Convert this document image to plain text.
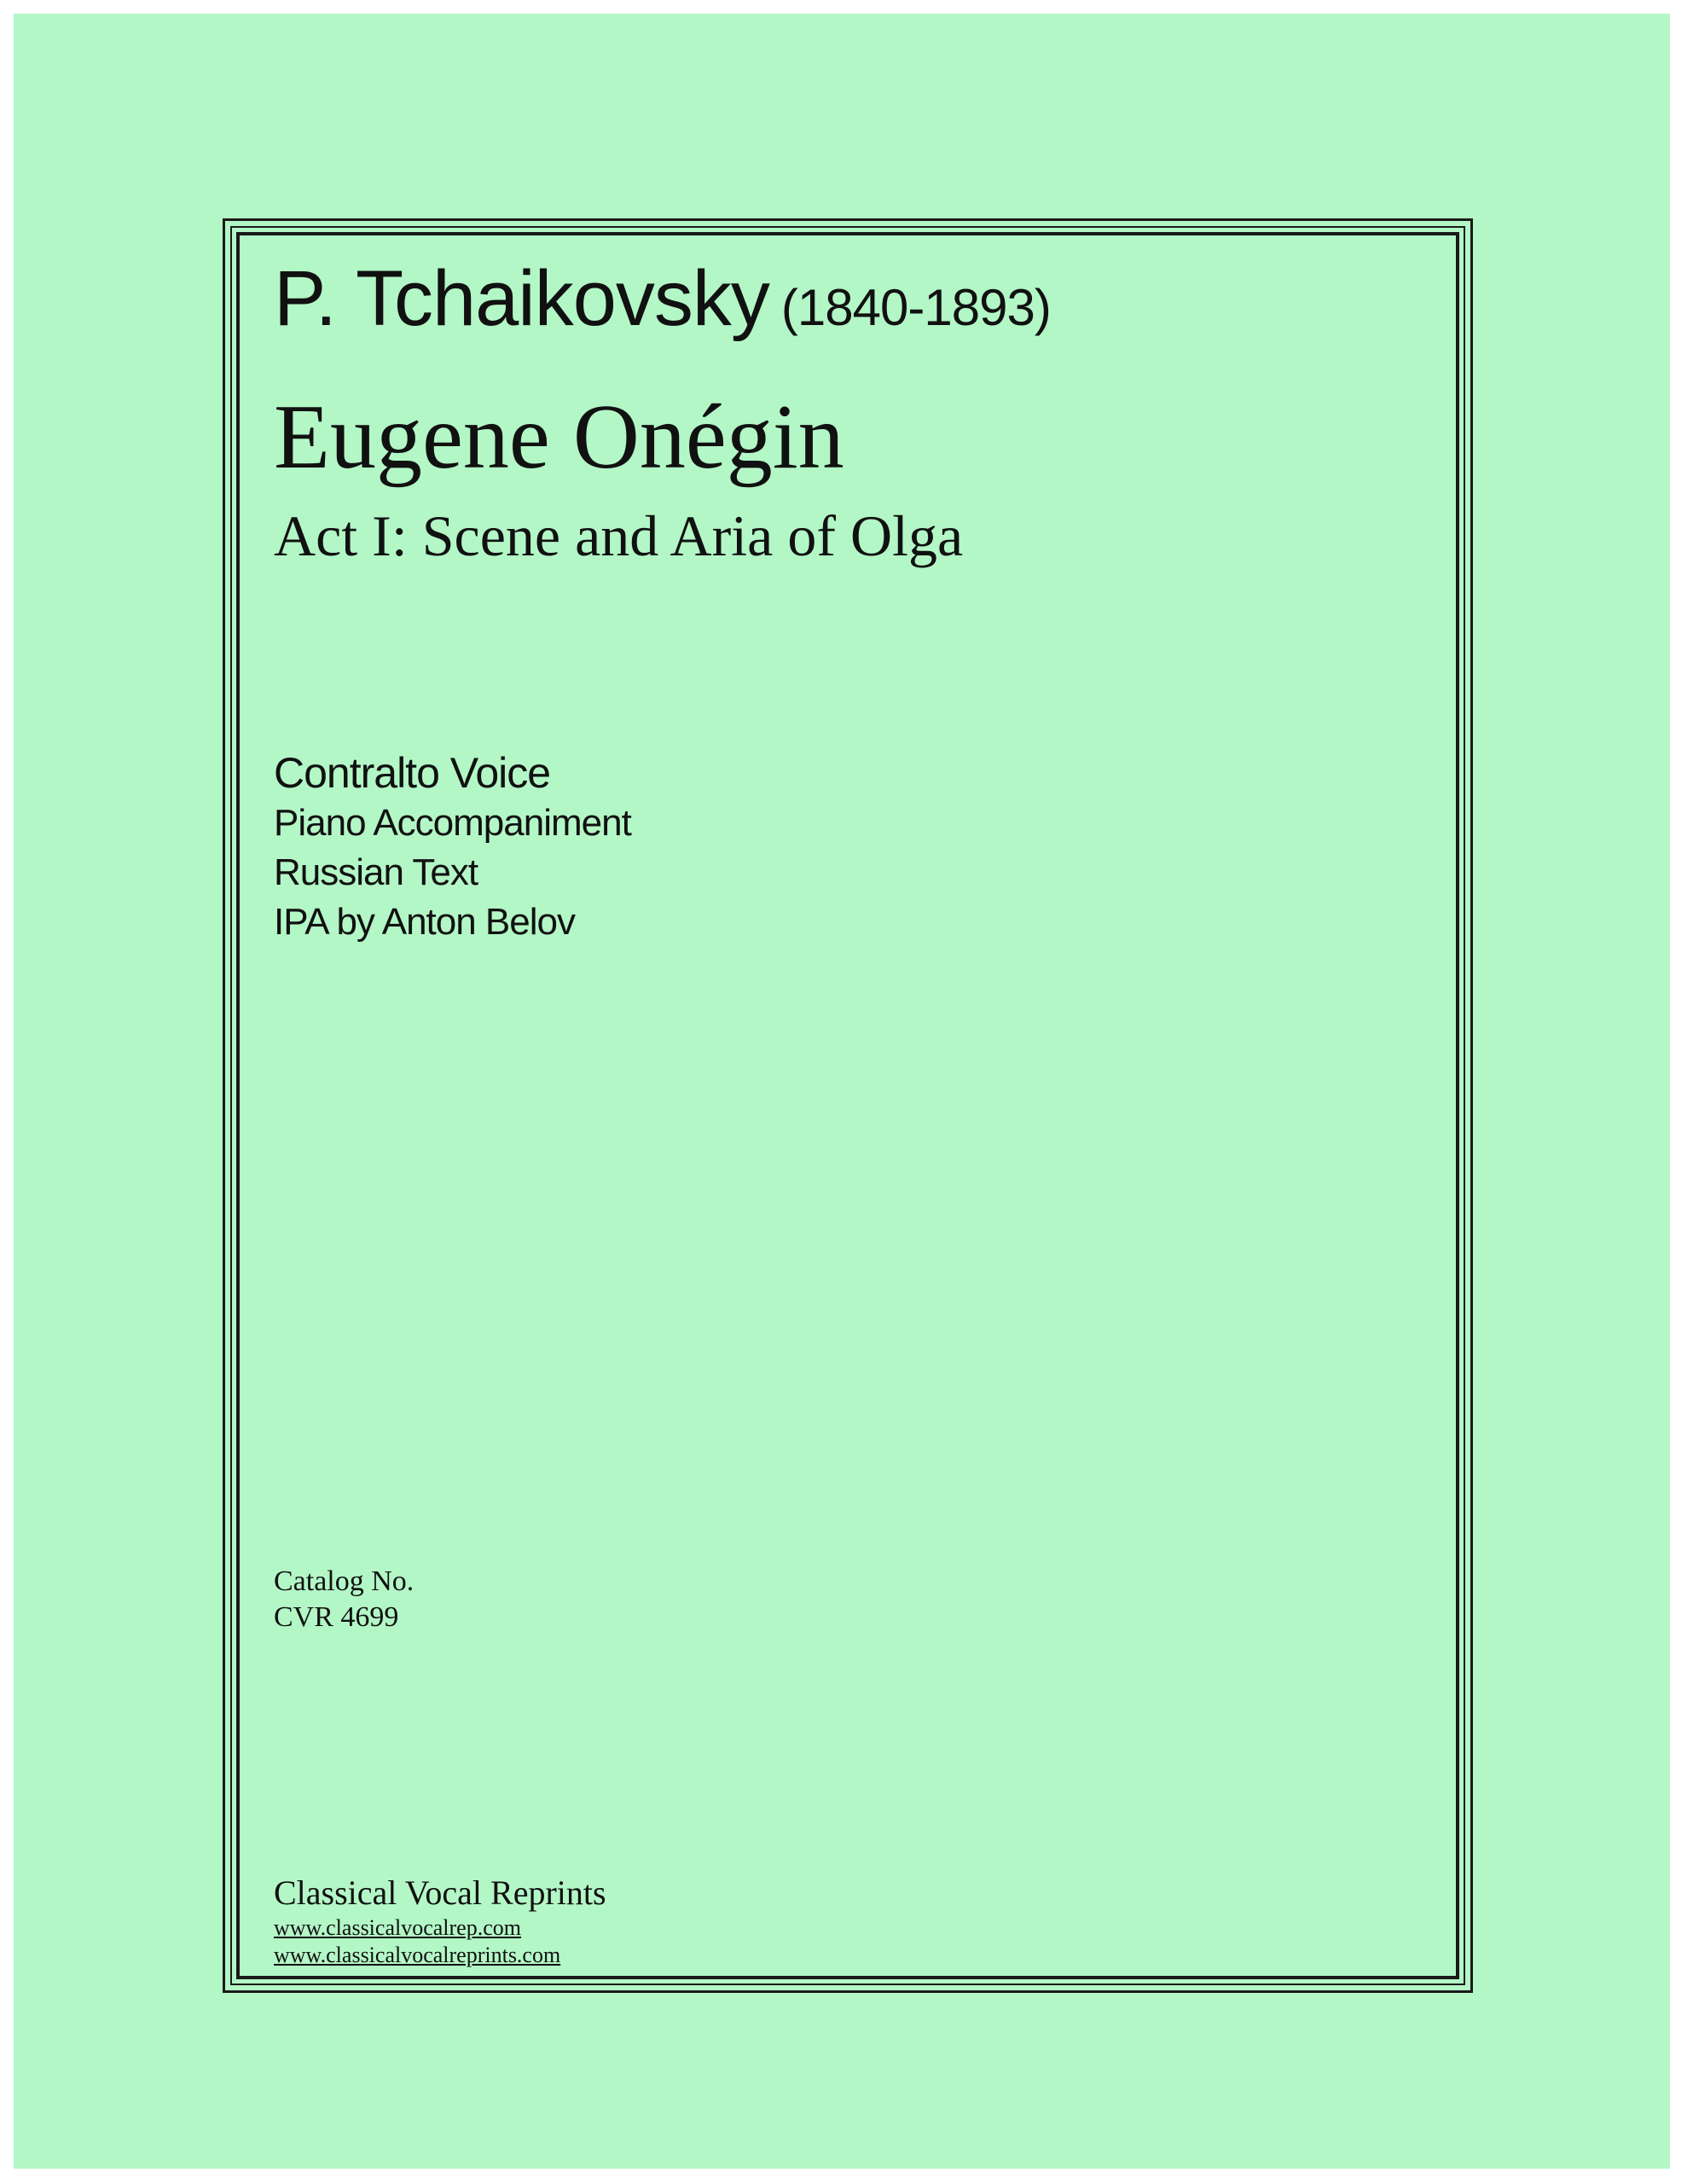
P. Tchaikovsky (1840-1893)
Eugene Onégin
Act I: Scene and Aria of Olga
Contralto Voice
Piano Accompaniment
Russian Text
IPA by Anton Belov
Catalog No.
CVR 4699
Classical Vocal Reprints
www.classicalvocalrep.com
www.classicalvocalreprints.com
